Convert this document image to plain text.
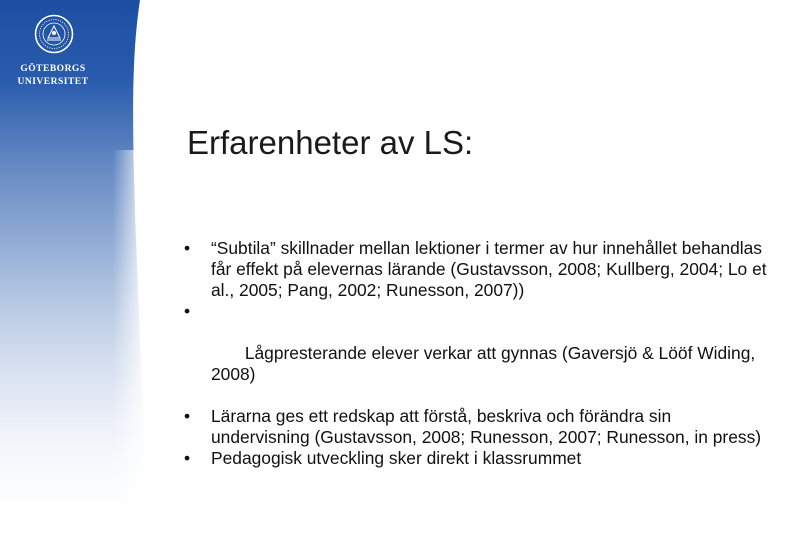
GÖTEBORGS
UNIVERSITET
Erfarenheter av LS:
• “Subtila” skillnader mellan lektioner i termer av hur innehållet behandlas får effekt på elevernas lärande (Gustavsson, 2008; Kullberg, 2004; Lo et al., 2005; Pang, 2002; Runesson, 2007))

•

Lågpresterande elever verkar att gynnas (Gaversjö & Lööf Widing, 2008)

• Lärarna ges ett redskap att förstå, beskriva och förändra sin undervisning (Gustavsson, 2008; Runesson, 2007; Runesson, in press)
• Pedagogisk utveckling sker direkt i klassrummet
